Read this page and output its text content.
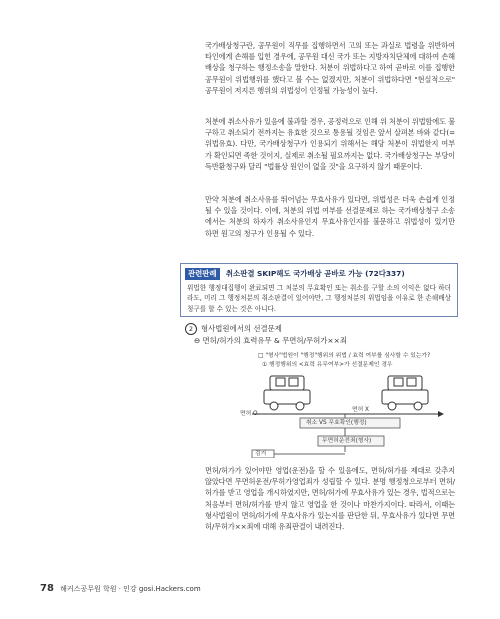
국가배상청구란, 공무원이 직무를 집행하면서 고의 또는 과실로 법령을 위반하여 타인에게 손해를 입힌 경우에, 공무원 대신 국가 또는 지방자치단체에 대하여 손해배상을 청구하는 행정소송을 말한다. 처분이 위법하다고 하여 곧바로 이를 집행한 공무원이 위법행위를 했다고 볼 수는 없겠지만, 처분이 위법하다면 "현실적으로" 공무원이 저지른 행위의 위법성이 인정될 가능성이 높다.

처분에 취소사유가 있음에 불과할 경우, 공정력으로 인해 위 처분이 위법함에도 불구하고 취소되기 전까지는 유효한 것으로 통용될 것임은 앞서 살펴본 바와 같다(=위법유효). 다만, 국가배상청구가 인용되기 위해서는 해당 처분이 위법한지 여부가 확인되면 족한 것이지, 실제로 취소될 필요까지는 없다. 국가배상청구는 부당이득반환청구와 달리 "법률상 원인이 없을 것"을 요구하지 않기 때문이다.

만약 처분에 취소사유를 뛰어넘는 무효사유가 있다면, 위법성은 더욱 손쉽게 인정될 수 있을 것이다. 이에, 처분의 위법 여부를 선결문제로 하는 국가배상청구 소송에서는 처분의 하자가 취소사유인지 무효사유인지를 불문하고 위법성이 있기만 하면 원고의 청구가 인용될 수 있다.

관련판례 취소판결 SKIP해도 국가배상 곧바로 가능 (72다337)
위법한 행정대집행이 완료되면 그 처분의 무효확인 또는 취소를 구할 소의 이익은 없다 하더라도, 미리 그 행정처분의 취소판결이 있어야만, 그 행정처분의 위법임을 이유로 한 손해배상 청구를 할 수 있는 것은 아니다.
2 형사법원에서의 선결문제
⊖ 면허/허가의 효력유무 & 무면허/무허가××죄
□ "형사"법원이 "행정"행위의 위법 / 효력 여부를 심사할 수 있는가?
① 행정행위의 <효력 유무여부>가 선결문제인 경우
면허 O
면허 X
취소 VS 무효확인(행정)
무면허운전죄(형사)
검거

면허/허가가 있어야만 영업(운전)을 할 수 있음에도, 면허/허가를 제대로 갖추지 않았다면 무면허운전/무허가영업죄가 성립할 수 있다. 분명 행정청으로부터 면허/허가를 받고 영업을 개시하였지만, 면허/허가에 무효사유가 있는 경우, 법적으로는 처음부터 면허/허가를 받지 않고 영업을 한 것이나 마찬가지이다. 따라서, 이때는 형사법원이 면허/허가에 무효사유가 있는지를 판단한 뒤, 무효사유가 있다면 무면허/무허가××죄에 대해 유죄판결이 내려진다.

78 해커스공무원 학원 · 인강 gosi.Hackers.com
